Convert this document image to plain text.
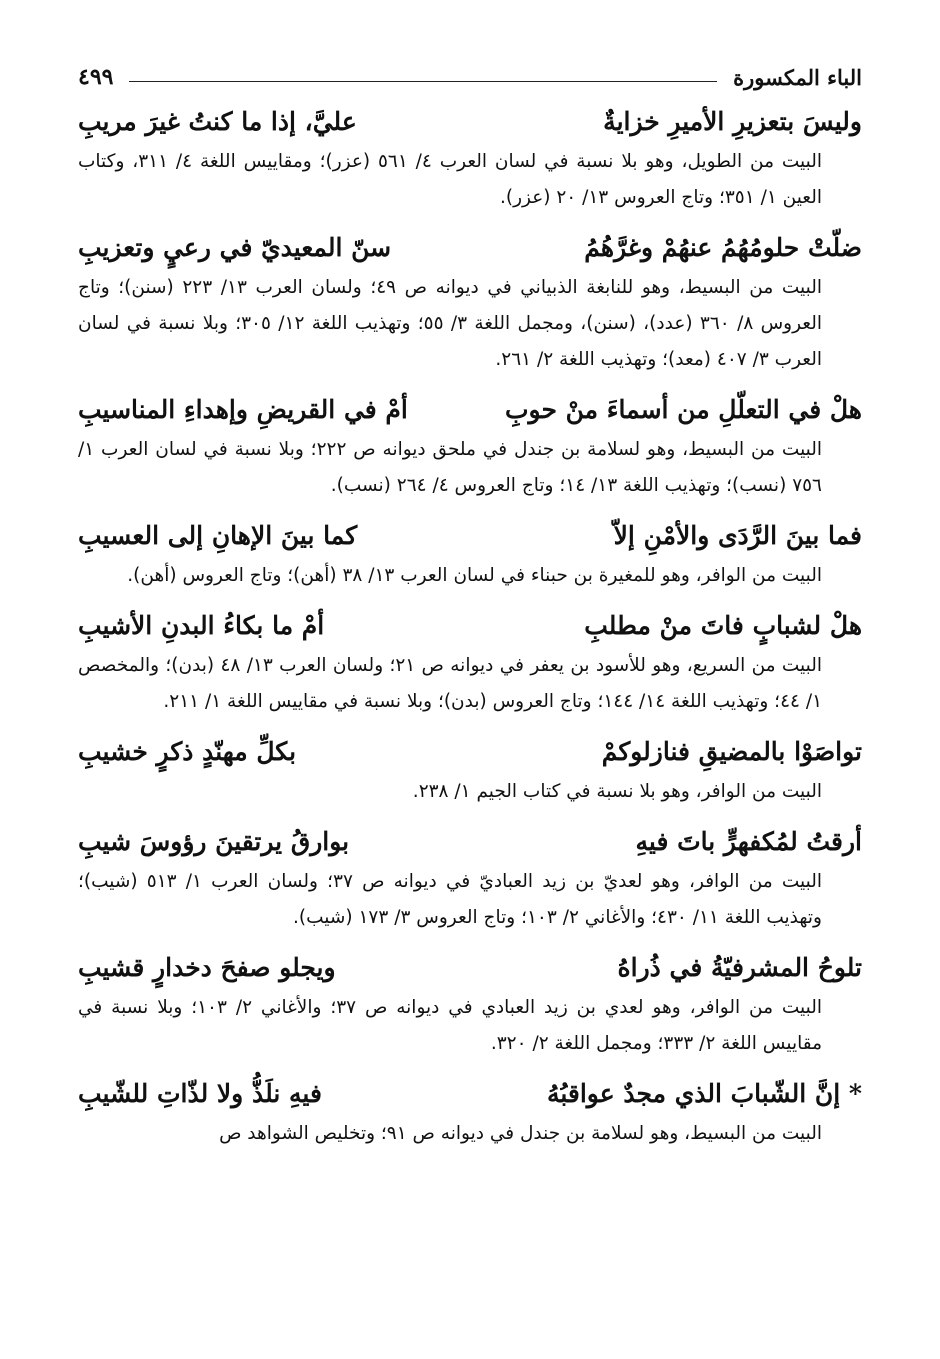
الباء المكسورة
٤٩٩
وليسَ بتعزيرِ الأميرِ خزايةٌ
عليَّ، إذا ما كنتُ غيرَ مريبِ
البيت من الطويل، وهو بلا نسبة في لسان العرب ٤/ ٥٦١ (عزر)؛ ومقاييس اللغة ٤/ ٣١١، وكتاب العين ١/ ٣٥١؛ وتاج العروس ١٣/ ٢٠ (عزر).
ضلّتْ حلومُهُمُ عنهُمْ وغرَّهُمُ
سنّ المعيديّ في رعيٍ وتعزيبِ
البيت من البسيط، وهو للنابغة الذبياني في ديوانه ص ٤٩؛ ولسان العرب ١٣/ ٢٢٣ (سنن)؛ وتاج العروس ٨/ ٣٦٠ (عدد)، (سنن)، ومجمل اللغة ٣/ ٥٥؛ وتهذيب اللغة ١٢/ ٣٠٥؛ وبلا نسبة في لسان العرب ٣/ ٤٠٧ (معد)؛ وتهذيب اللغة ٢/ ٢٦١.
هلْ في التعلّلِ من أسماءَ منْ حوبِ
أمْ في القريضِ وإهداءِ المناسيبِ
البيت من البسيط، وهو لسلامة بن جندل في ملحق ديوانه ص ٢٢٢؛ وبلا نسبة في لسان العرب ١/ ٧٥٦ (نسب)؛ وتهذيب اللغة ١٣/ ١٤؛ وتاج العروس ٤/ ٢٦٤ (نسب).
فما بينَ الرَّدَى والأمْنِ إلاّ
كما بينَ الإهانِ إلى العسيبِ
البيت من الوافر، وهو للمغيرة بن حبناء في لسان العرب ١٣/ ٣٨ (أهن)؛ وتاج العروس (أهن).
هلْ لشبابٍ فاتَ منْ مطلبِ
أمْ ما بكاءُ البدنِ الأشيبِ
البيت من السريع، وهو للأسود بن يعفر في ديوانه ص ٢١؛ ولسان العرب ١٣/ ٤٨ (بدن)؛ والمخصص ١/ ٤٤؛ وتهذيب اللغة ١٤/ ١٤٤؛ وتاج العروس (بدن)؛ وبلا نسبة في مقاييس اللغة ١/ ٢١١.
تواصَوْا بالمضيقِ فنازلوكمْ
بكلِّ مهنّدٍ ذكرٍ خشيبِ
البيت من الوافر، وهو بلا نسبة في كتاب الجيم ١/ ٢٣٨.
أرقتُ لمُكفهرٍّ باتَ فيهِ
بوارقُ يرتقينَ رؤوسَ شيبِ
البيت من الوافر، وهو لعديّ بن زيد العباديّ في ديوانه ص ٣٧؛ ولسان العرب ١/ ٥١٣ (شيب)؛ وتهذيب اللغة ١١/ ٤٣٠؛ والأغاني ٢/ ١٠٣؛ وتاج العروس ٣/ ١٧٣ (شيب).
تلوحُ المشرفيّةُ في ذُراهُ
ويجلو صفحَ دخدارٍ قشيبِ
البيت من الوافر، وهو لعدي بن زيد العبادي في ديوانه ص ٣٧؛ والأغاني ٢/ ١٠٣؛ وبلا نسبة في مقاييس اللغة ٢/ ٣٣٣؛ ومجمل اللغة ٢/ ٣٢٠.
* إنَّ الشّبابَ الذي مجدٌ عواقبُهُ
فيهِ نلَذُّ ولا لذّاتِ للشّيبِ
البيت من البسيط، وهو لسلامة بن جندل في ديوانه ص ٩١؛ وتخليص الشواهد ص
